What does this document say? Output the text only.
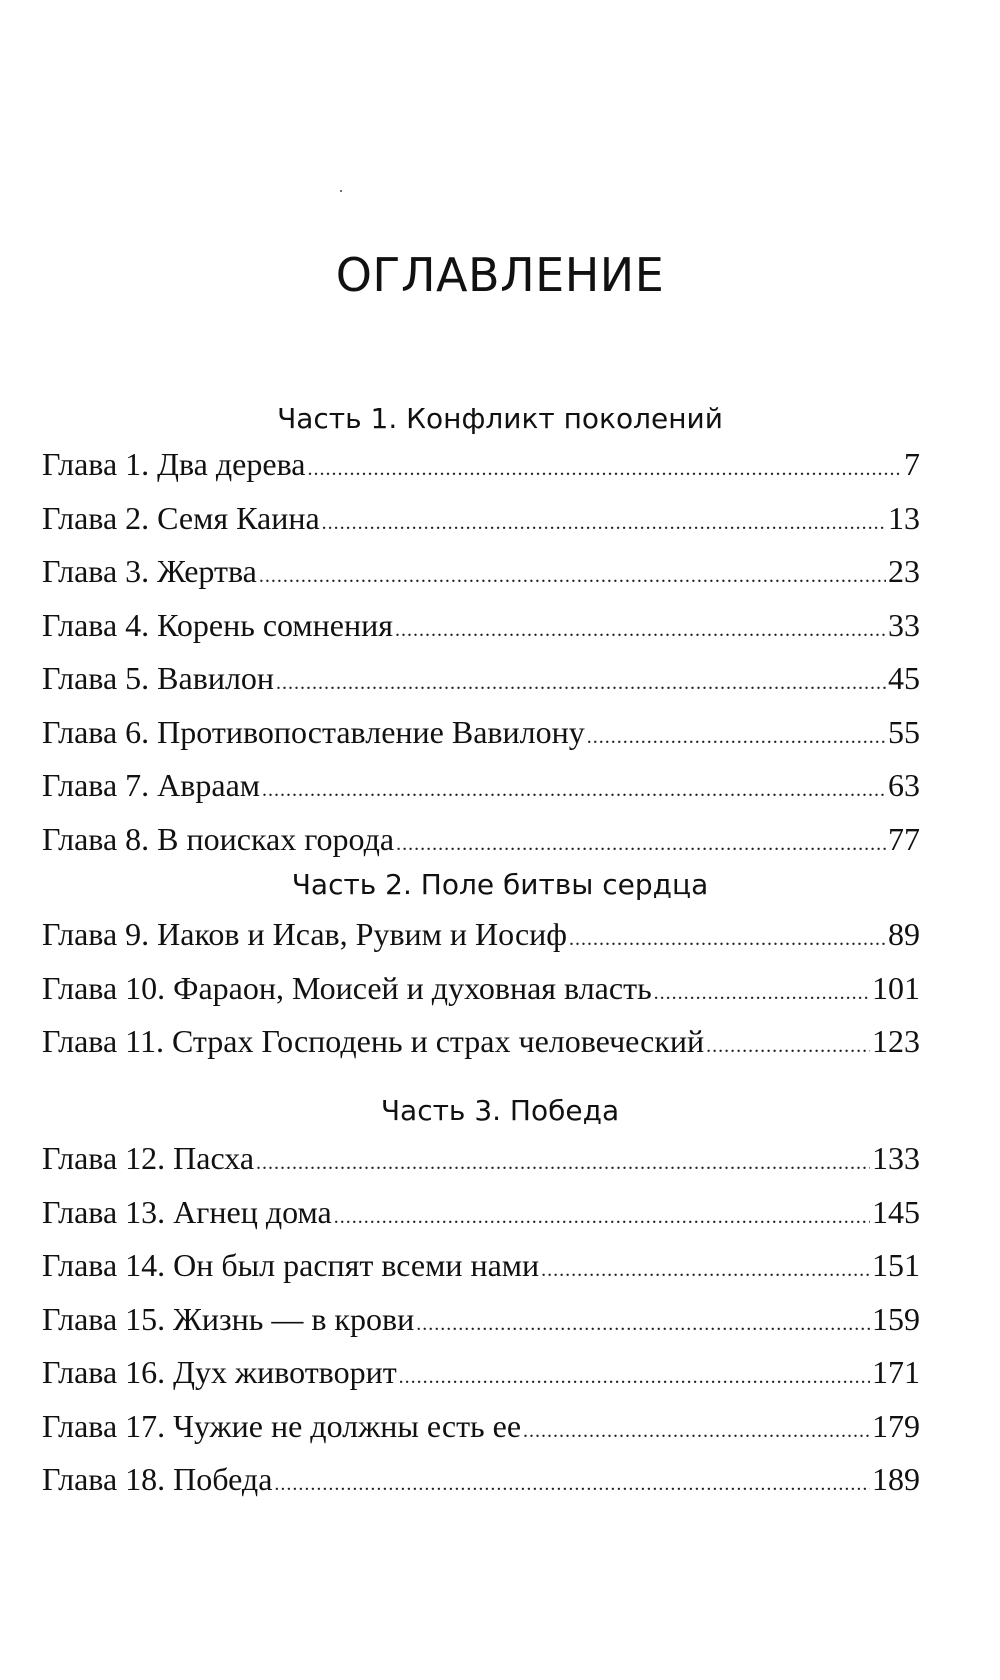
ОГЛАВЛЕНИЕ
Часть 1. Конфликт поколений
Глава 1. Два дерева .....	7
Глава 2. Семя Каина .....	13
Глава 3. Жертва .....	23
Глава 4. Корень сомнения .....	33
Глава 5. Вавилон .....	45
Глава 6. Противопоставление Вавилону .....	55
Глава 7. Авраам .....	63
Глава 8. В поисках города .....	77
Часть 2. Поле битвы сердца
Глава 9. Иаков и Исав, Рувим и Иосиф .....	89
Глава 10. Фараон, Моисей и духовная власть .....	101
Глава 11. Страх Господень и страх человеческий .....	123
Часть 3. Победа
Глава 12. Пасха .....	133
Глава 13. Агнец дома .....	145
Глава 14. Он был распят всеми нами .....	151
Глава 15. Жизнь — в крови .....	159
Глава 16. Дух животворит .....	171
Глава 17. Чужие не должны есть ее .....	179
Глава 18. Победа .....	189
